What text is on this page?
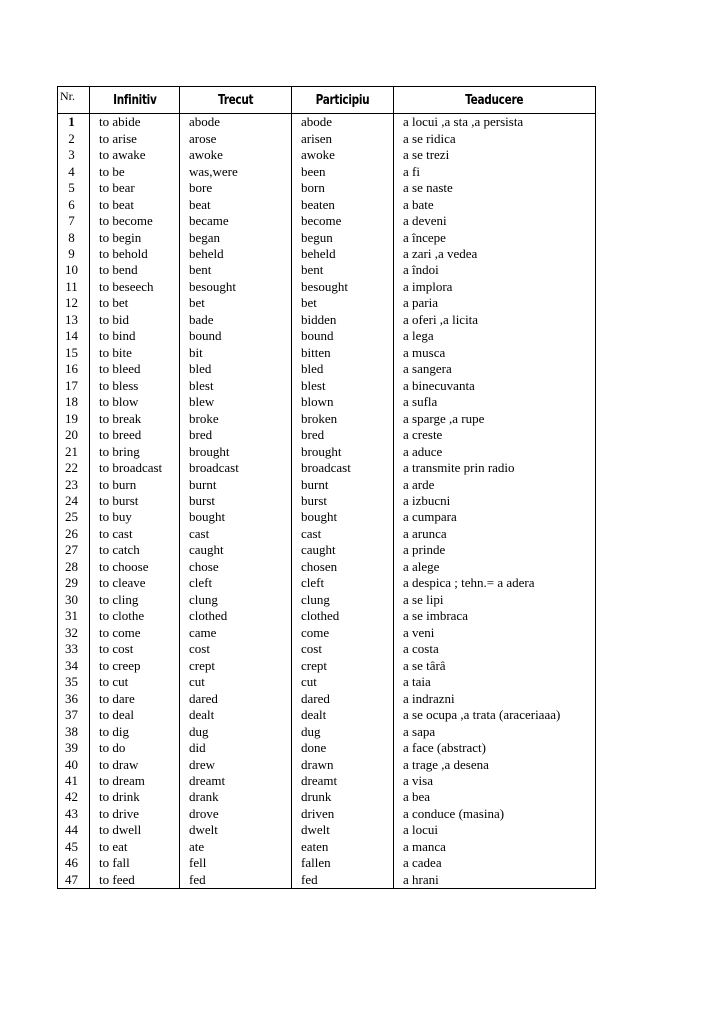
Nr.	Infinitiv	Trecut	Participiu	Teaducere
1	to abide	abode	abode	a locui ,a sta ,a persista
2	to arise	arose	arisen	a se ridica
3	to awake	awoke	awoke	a se trezi
4	to be	was,were	been	a fi
5	to bear	bore	born	a se naste
6	to beat	beat	beaten	a bate
7	to become	became	become	a deveni
8	to begin	began	begun	a începe
9	to behold	beheld	beheld	a zari ,a vedea
10	to bend	bent	bent	a îndoi
11	to beseech	besought	besought	a implora
12	to bet	bet	bet	a paria
13	to bid	bade	bidden	a oferi ,a licita
14	to bind	bound	bound	a lega
15	to bite	bit	bitten	a musca
16	to bleed	bled	bled	a sangera
17	to bless	blest	blest	a binecuvanta
18	to blow	blew	blown	a sufla
19	to break	broke	broken	a sparge ,a rupe
20	to breed	bred	bred	a creste
21	to bring	brought	brought	a aduce
22	to broadcast	broadcast	broadcast	a transmite prin radio
23	to burn	burnt	burnt	a arde
24	to burst	burst	burst	a izbucni
25	to buy	bought	bought	a cumpara
26	to cast	cast	cast	a arunca
27	to catch	caught	caught	a prinde
28	to choose	chose	chosen	a alege
29	to cleave	cleft	cleft	a despica ; tehn.= a adera
30	to cling	clung	clung	a se lipi
31	to clothe	clothed	clothed	a se imbraca
32	to come	came	come	a veni
33	to cost	cost	cost	a costa
34	to creep	crept	crept	a se târâ
35	to cut	cut	cut	a taia
36	to dare	dared	dared	a indrazni
37	to deal	dealt	dealt	a se ocupa ,a trata (araceriaaa)
38	to dig	dug	dug	a sapa
39	to do	did	done	a face (abstract)
40	to draw	drew	drawn	a trage ,a desena
41	to dream	dreamt	dreamt	a visa
42	to drink	drank	drunk	a bea
43	to drive	drove	driven	a conduce (masina)
44	to dwell	dwelt	dwelt	a locui
45	to eat	ate	eaten	a manca
46	to fall	fell	fallen	a cadea
47	to feed	fed	fed	a hrani
